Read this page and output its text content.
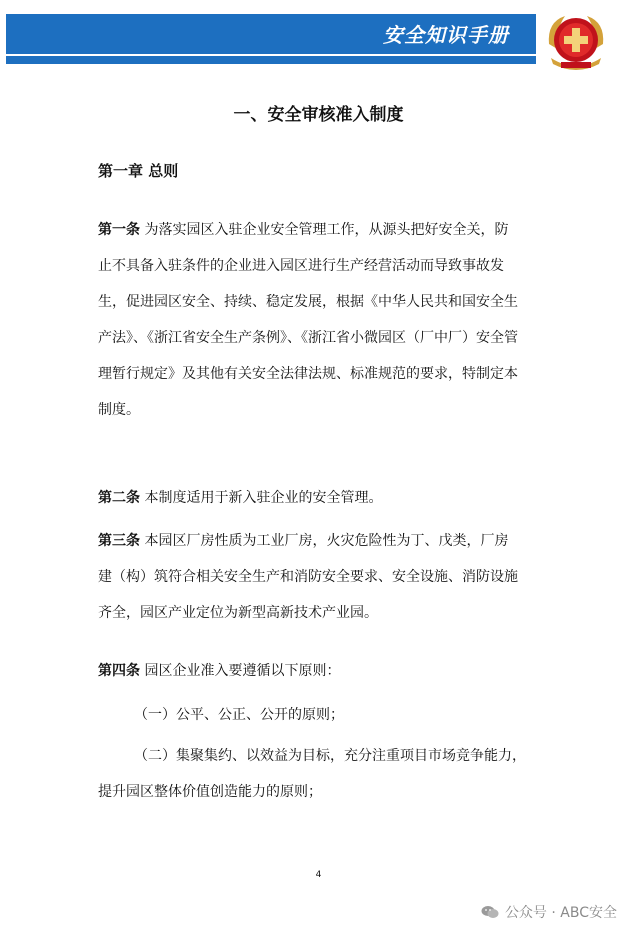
安全知识手册
一、安全审核准入制度
第一章 总则
第一条 为落实园区入驻企业安全管理工作，从源头把好安全关，防
止不具备入驻条件的企业进入园区进行生产经营活动而导致事故发
生，促进园区安全、持续、稳定发展，根据《中华人民共和国安全生
产法》、《浙江省安全生产条例》、《浙江省小微园区（厂中厂）安全管
理暂行规定》及其他有关安全法律法规、标准规范的要求，特制定本
制度。
第二条 本制度适用于新入驻企业的安全管理。
第三条 本园区厂房性质为工业厂房，火灾危险性为丁、戊类，厂房
建（构）筑符合相关安全生产和消防安全要求、安全设施、消防设施
齐全，园区产业定位为新型高新技术产业园。
第四条 园区企业准入要遵循以下原则：
（一）公平、公正、公开的原则；
（二）集聚集约、以效益为目标，充分注重项目市场竞争能力，
提升园区整体价值创造能力的原则；
4
公众号 · ABC安全
